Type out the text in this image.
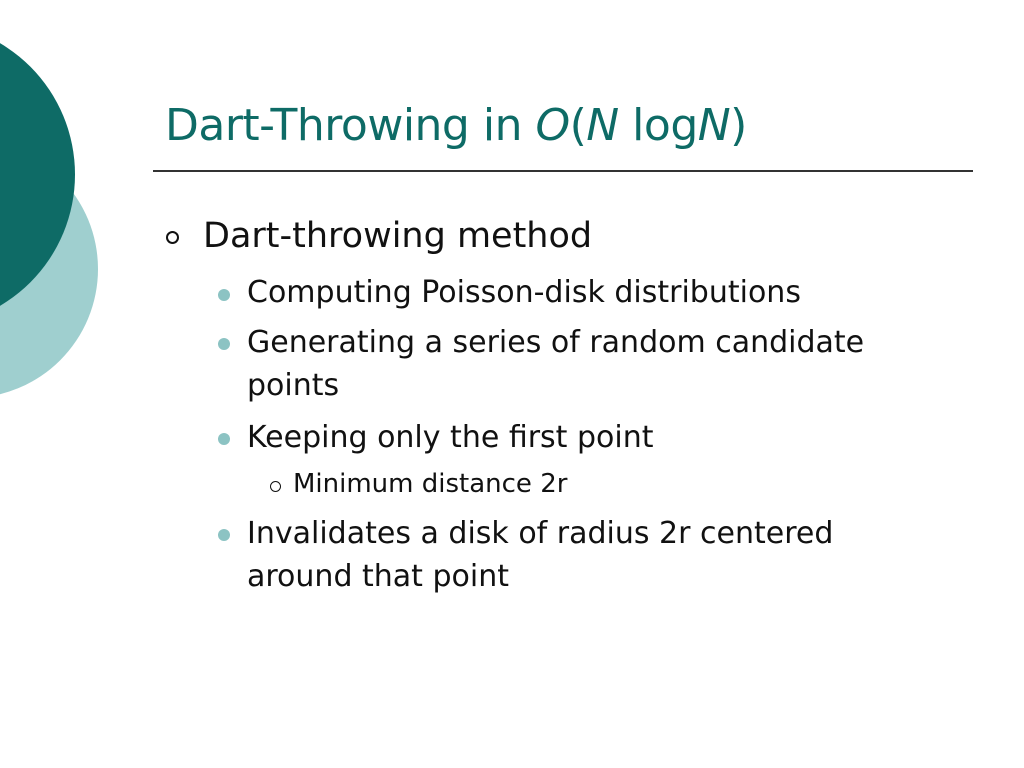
Dart-Throwing in O(N logN)
Dart-throwing method
Computing Poisson-disk distributions
Generating a series of random candidate
points
Keeping only the first point
Minimum distance 2r
Invalidates a disk of radius 2r centered
around that point
